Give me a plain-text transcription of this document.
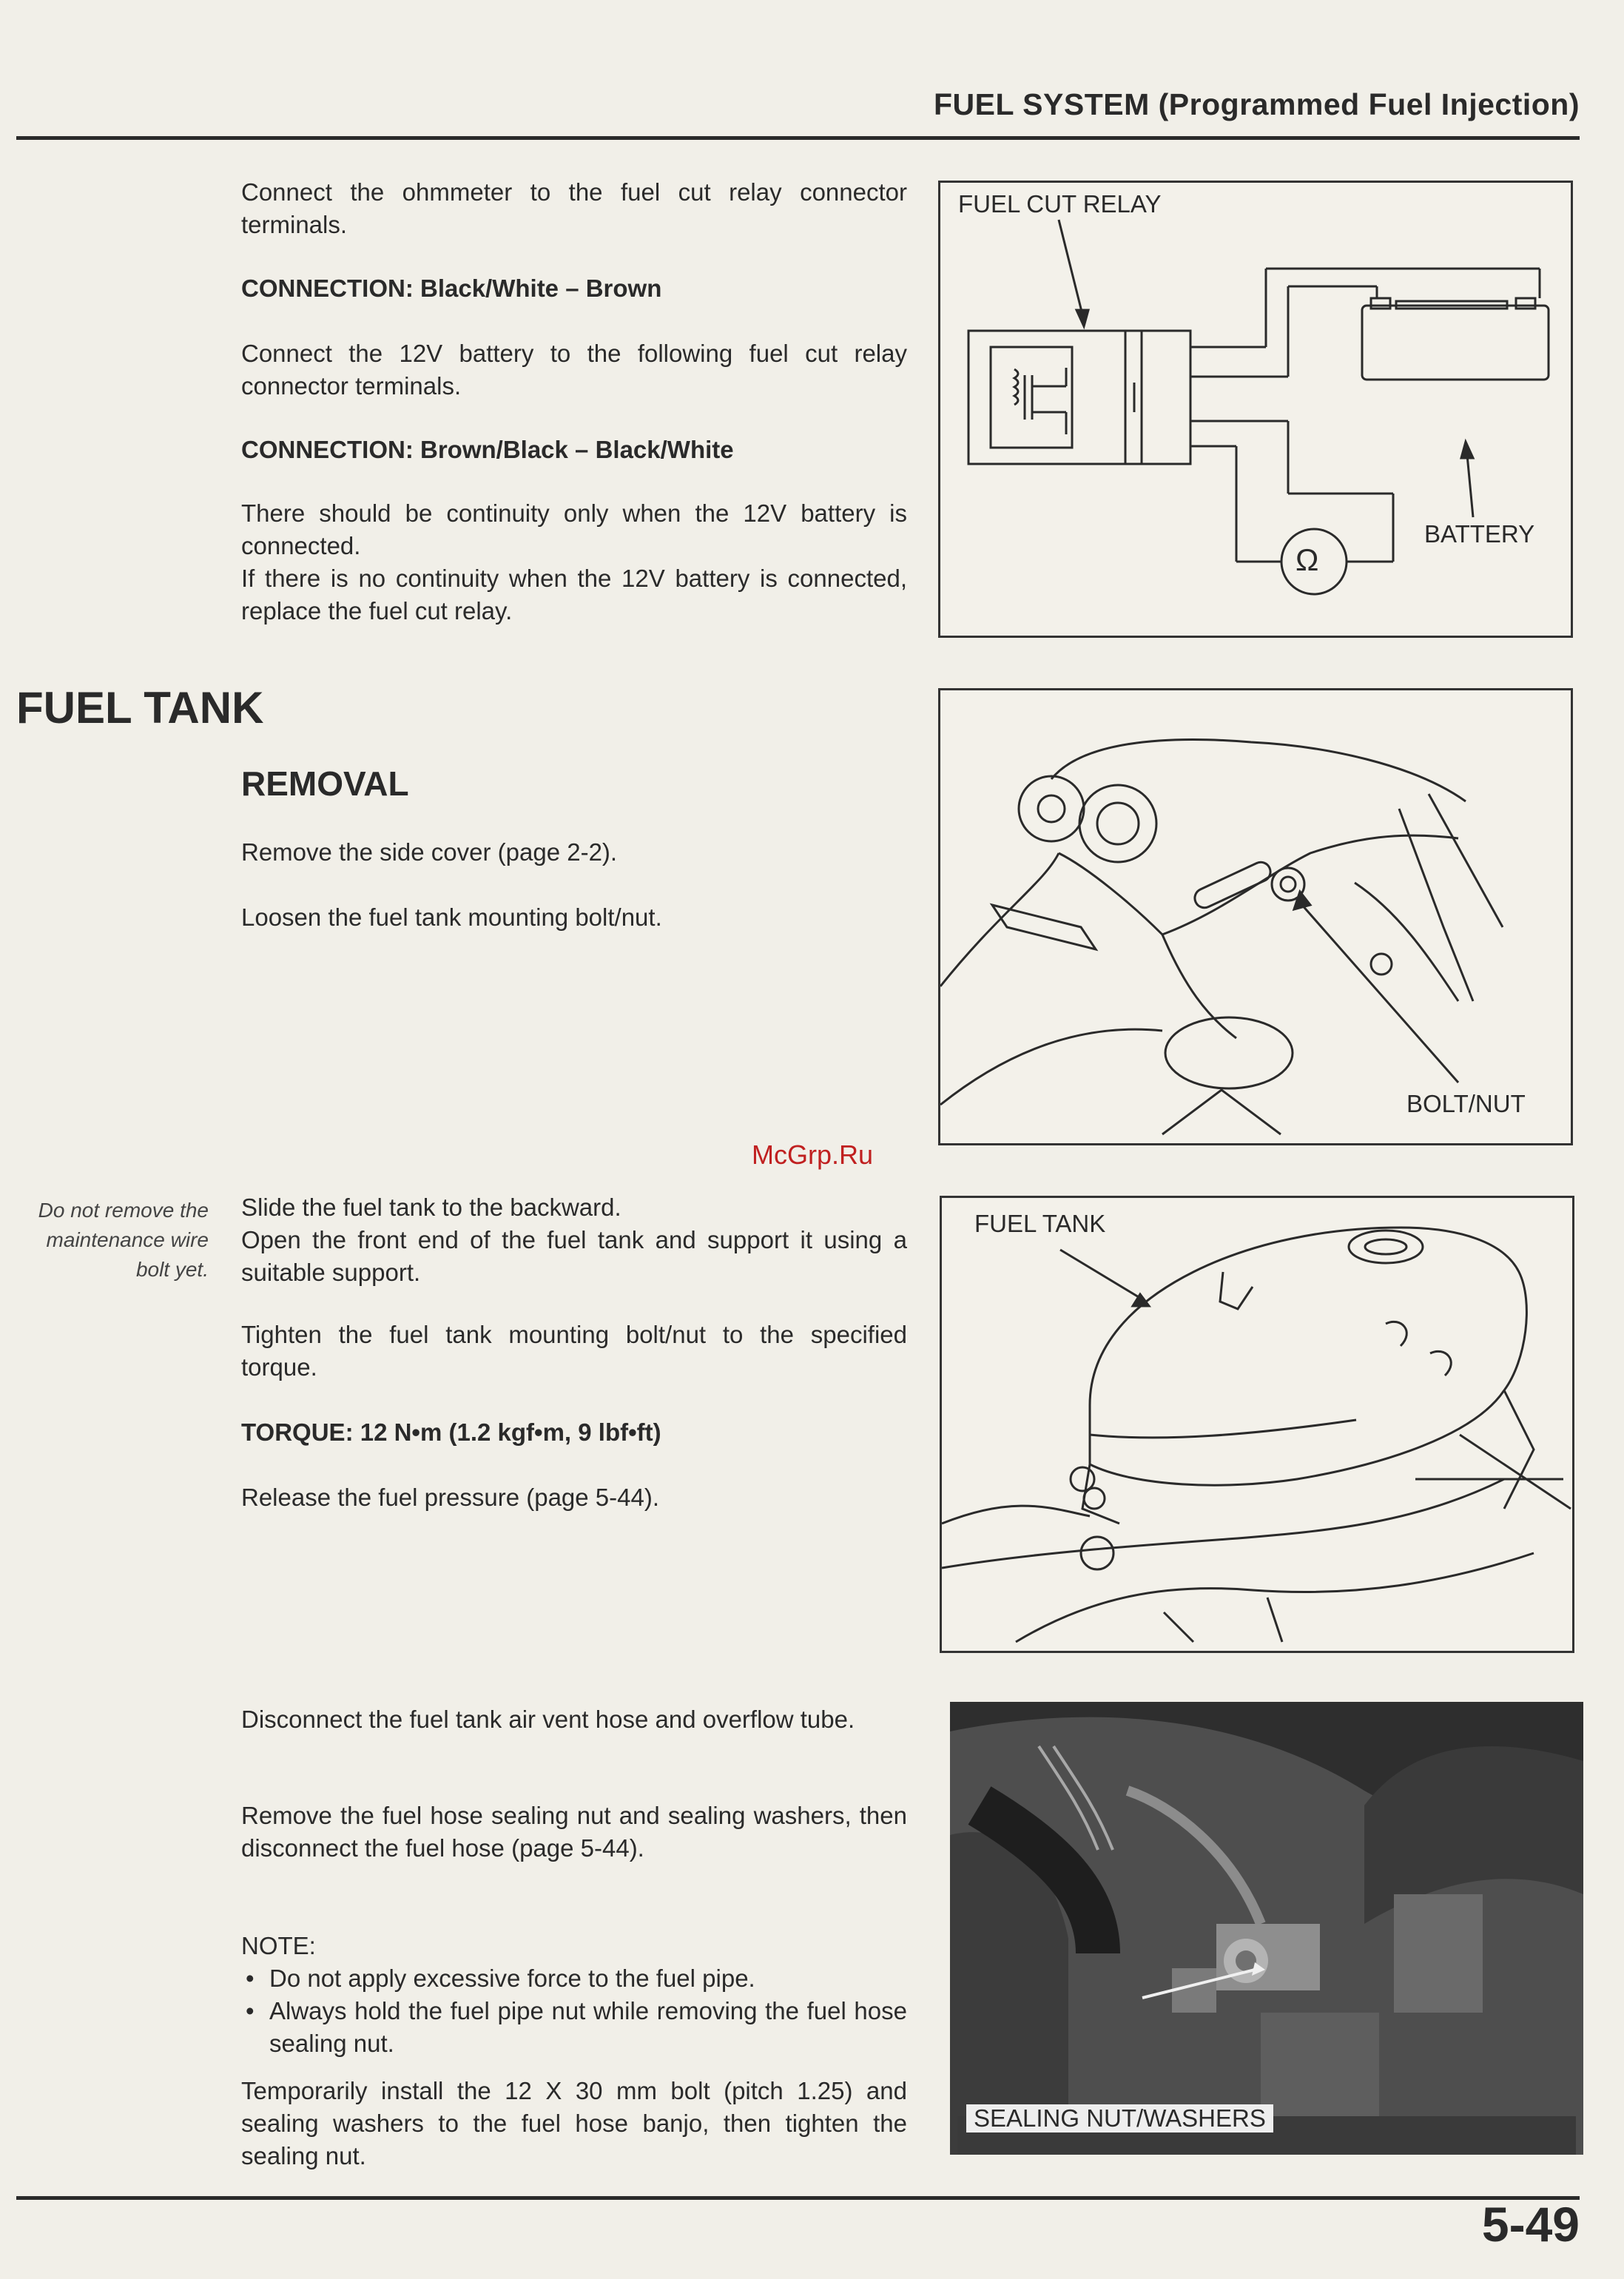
FUEL SYSTEM (Programmed Fuel Injection)
Connect the ohmmeter to the fuel cut relay connector terminals.
CONNECTION: Black/White – Brown
Connect the 12V battery to the following fuel cut relay connector terminals.
CONNECTION: Brown/Black – Black/White
There should be continuity only when the 12V battery is connected.
If there is no continuity when the 12V battery is connected, replace the fuel cut relay.
FUEL CUT RELAY
BATTERY
Ω
FUEL TANK
REMOVAL
Remove the side cover (page 2-2).
Loosen the fuel tank mounting bolt/nut.
BOLT/NUT
McGrp.Ru
Do not remove the maintenance wire bolt yet.
Slide the fuel tank to the backward.
Open the front end of the fuel tank and support it using a suitable support.
Tighten the fuel tank mounting bolt/nut to the specified torque.
TORQUE: 12 N•m (1.2 kgf•m, 9 lbf•ft)
Release the fuel pressure (page 5-44).
FUEL TANK
Disconnect the fuel tank air vent hose and overflow tube.
Remove the fuel hose sealing nut and sealing washers, then disconnect the fuel hose (page 5-44).
NOTE:
• Do not apply excessive force to the fuel pipe.
• Always hold the fuel pipe nut while removing the fuel hose sealing nut.
Temporarily install the 12 X 30 mm bolt (pitch 1.25) and sealing washers to the fuel hose banjo, then tighten the sealing nut.
SEALING NUT/WASHERS
5-49
